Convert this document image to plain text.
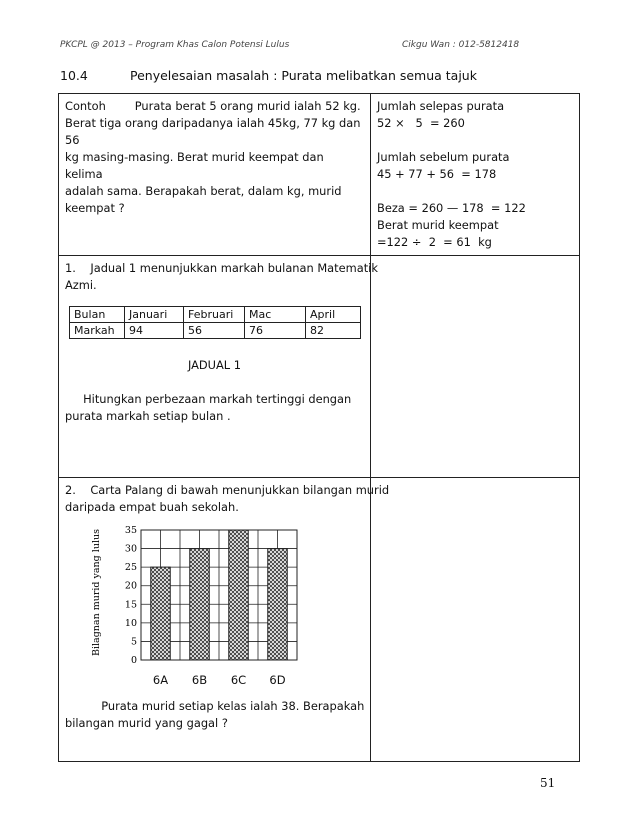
PKCPL @ 2013 – Program Khas Calon Potensi Lulus	Cikgu Wan : 012-5812418
10.4	Penyelesaian masalah : Purata melibatkan semua tajuk

Contoh        Purata berat 5 orang murid ialah 52 kg.

Berat tiga orang daripadanya ialah 45kg, 77 kg dan 56

kg masing-masing. Berat murid keempat dan kelima

adalah sama. Berapakah berat, dalam kg, murid

keempat ?

Jumlah selepas purata

52 ×   5  = 260

Jumlah sebelum purata

45 + 77 + 56  = 178

Beza = 260 — 178  = 122

Berat murid keempat

=122 ÷  2  = 61  kg

1.    Jadual 1 menunjukkan markah bulanan Matematik

Azmi.

Bulan	Januari	Februari	Mac	April
Markah	94	56	76	82

JADUAL 1

Hitungkan perbezaan markah tertinggi dengan

purata markah setiap bulan .

2.    Carta Palang di bawah menunjukkan bilangan murid

daripada empat buah sekolah.

0
5
10
15
20
25
30
35
Bilagnan murid yang lulus
6A	6B	6C	6D

Purata murid setiap kelas ialah 38. Berapakah

bilangan murid yang gagal ?

51
